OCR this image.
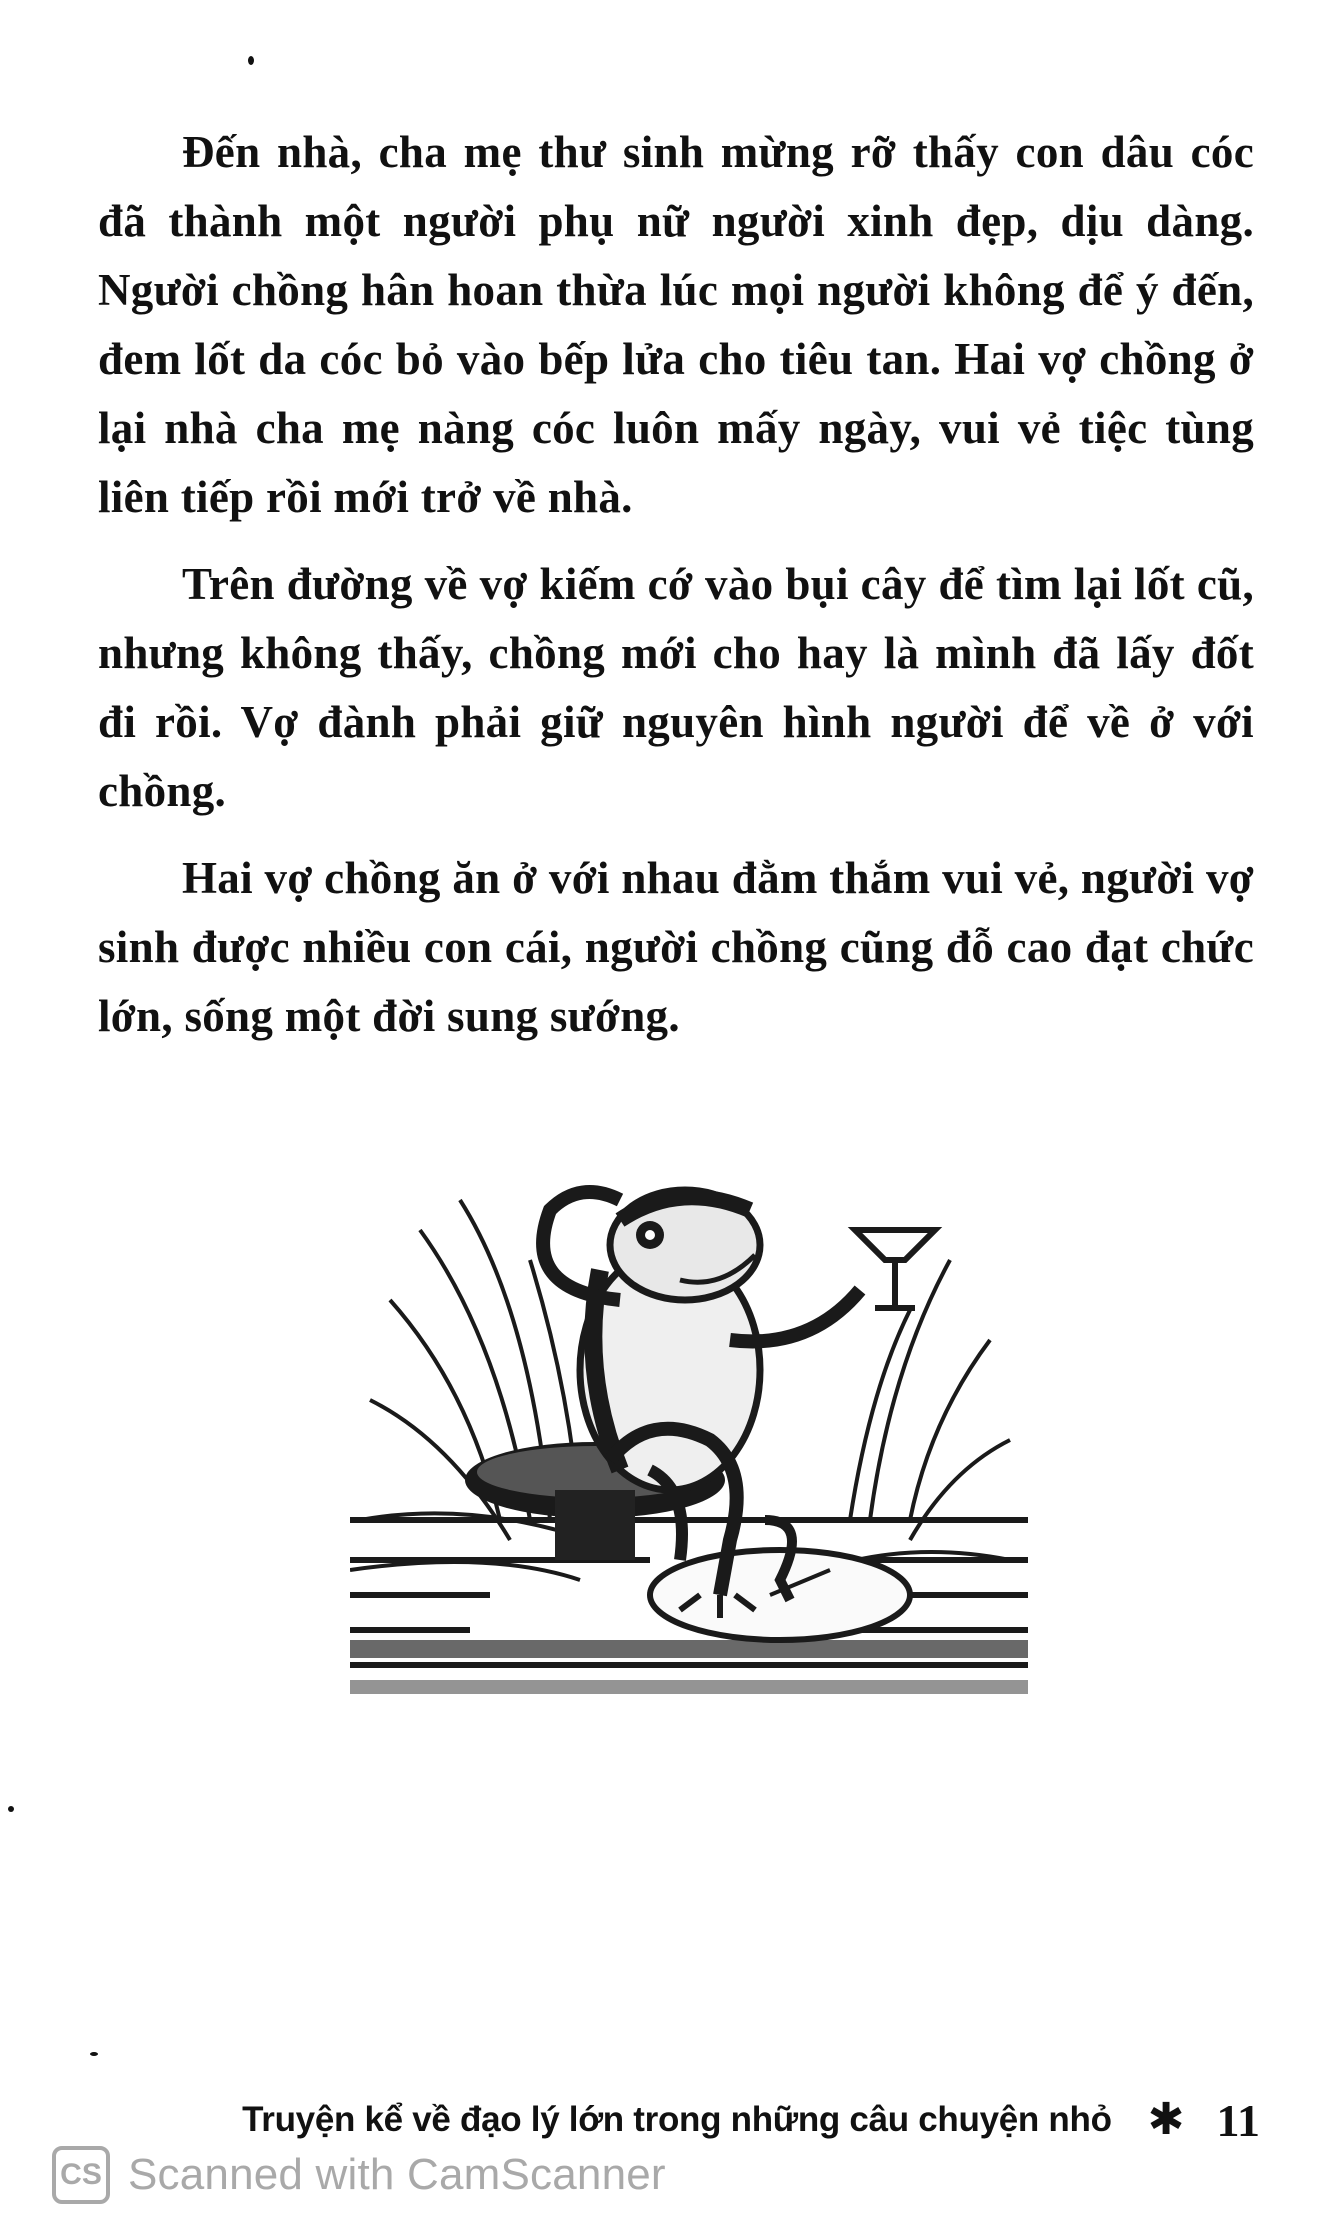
Đến nhà, cha mẹ thư sinh mừng rỡ thấy con dâu cóc đã thành một người phụ nữ người xinh đẹp, dịu dàng. Người chồng hân hoan thừa lúc mọi người không để ý đến, đem lốt da cóc bỏ vào bếp lửa cho tiêu tan. Hai vợ chồng ở lại nhà cha mẹ nàng cóc luôn mấy ngày, vui vẻ tiệc tùng liên tiếp rồi mới trở về nhà.

Trên đường về vợ kiếm cớ vào bụi cây để tìm lại lốt cũ, nhưng không thấy, chồng mới cho hay là mình đã lấy đốt đi rồi. Vợ đành phải giữ nguyên hình người để về ở với chồng.

Hai vợ chồng ăn ở với nhau đằm thắm vui vẻ, người vợ sinh được nhiều con cái, người chồng cũng đỗ cao đạt chức lớn, sống một đời sung sướng.

Truyện kể về đạo lý lớn trong những câu chuyện nhỏ ✱ 11
CS Scanned with CamScanner
